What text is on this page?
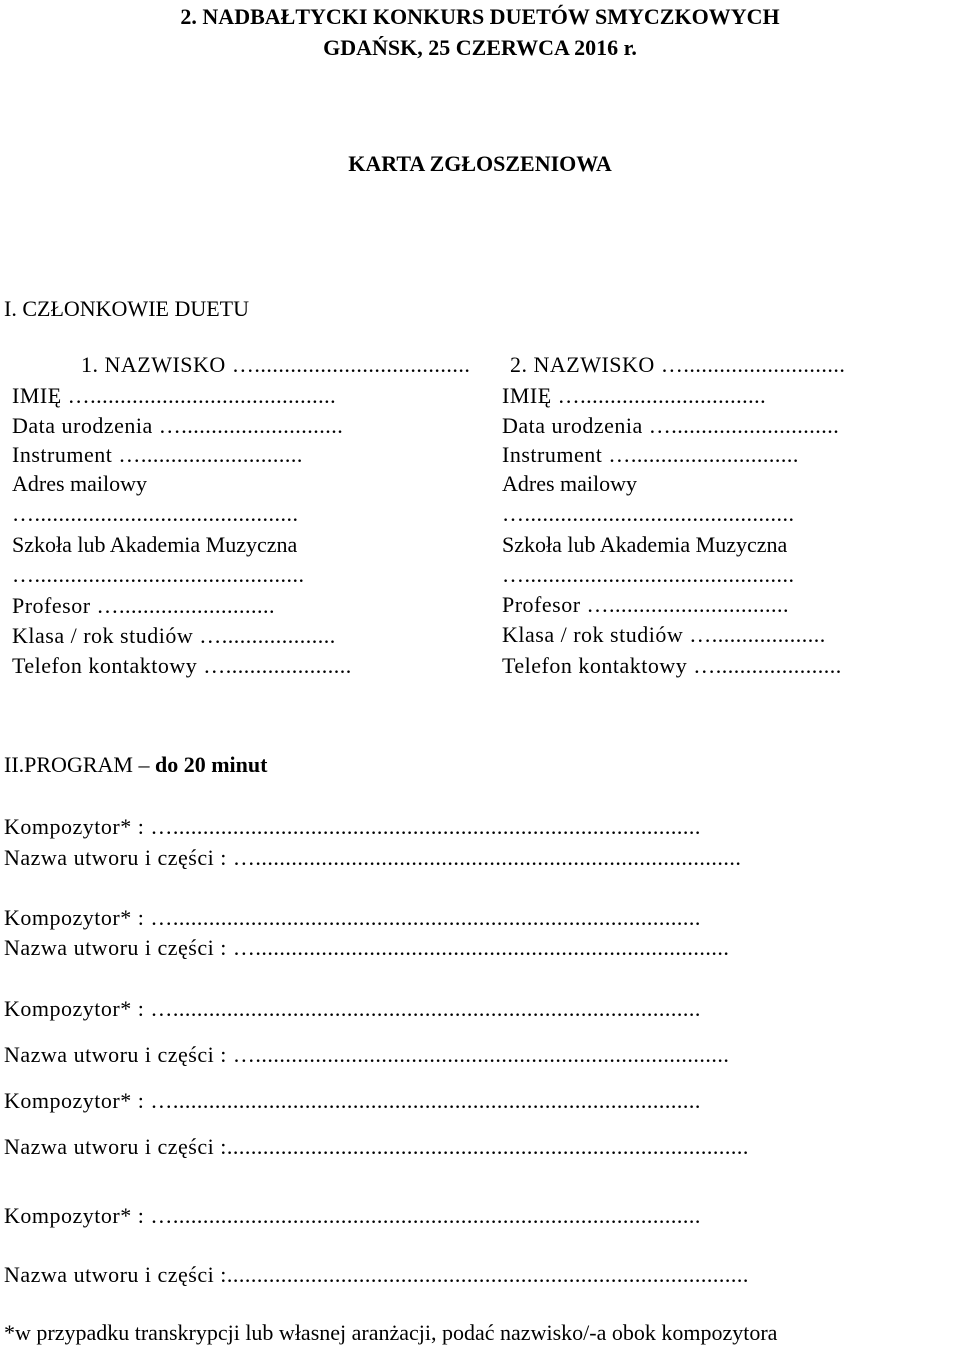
2. NADBAŁTYCKI KONKURS DUETÓW SMYCZKOWYCH
GDAŃSK, 25 CZERWCA 2016 r.
KARTA ZGŁOSZENIOWA
I. CZŁONKOWIE DUETU
1. NAZWISKO …....................................
IMIĘ ….........................................
Data urodzenia …...........................
Instrument …...........................
Adres mailowy
…............................................
Szkoła lub Akademia Muzyczna
….............................................
Profesor …..........................
Klasa / rok studiów …...................
Telefon kontaktowy ….....................
2. NAZWISKO …...........................
IMIĘ …...............................
Data urodzenia …............................
Instrument …............................
Adres mailowy
….............................................
Szkoła lub Akademia Muzyczna
….............................................
Profesor …..............................
Klasa / rok studiów …...................
Telefon kontaktowy ….....................
II.PROGRAM – do 20 minut
Kompozytor* : …........................................................................................
Nazwa utworu i części : ….................................................................................
Kompozytor* : …........................................................................................
Nazwa utworu i części : …...............................................................................
Kompozytor* : …........................................................................................
Nazwa utworu i części : …...............................................................................
Kompozytor* : …........................................................................................
Nazwa utworu i części :.......................................................................................
Kompozytor* : …........................................................................................
Nazwa utworu i części :.......................................................................................
*w przypadku transkrypcji lub własnej aranżacji, podać nazwisko/-a obok kompozytora
